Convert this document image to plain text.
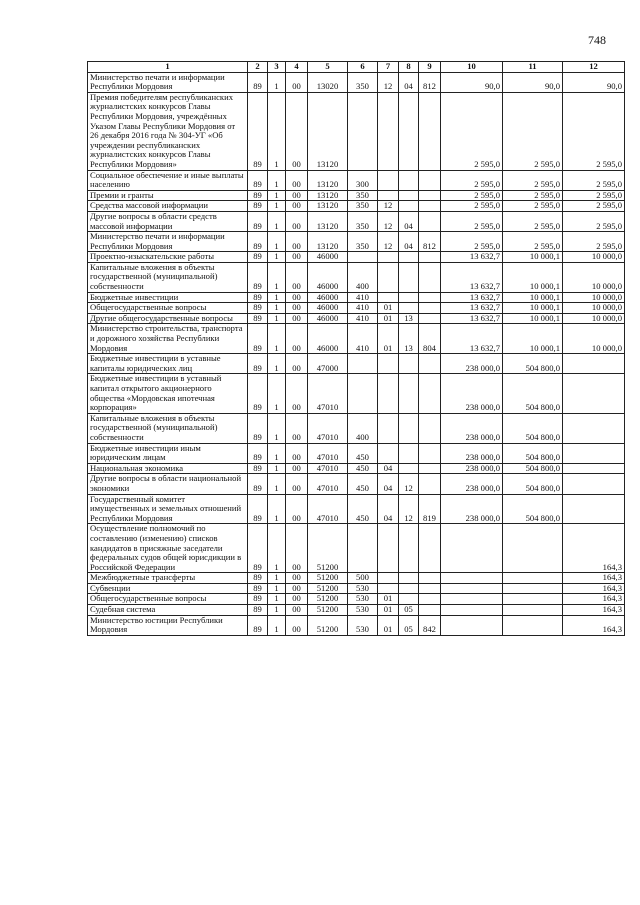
748
1	2	3	4	5	6	7	8	9	10	11	12
Министерство печати и информации Республики Мордовия	89	1	00	13020	350	12	04	812	90,0	90,0	90,0
Премия победителям республиканских журналистских конкурсов Главы Республики Мордовия, учреждённых Указом Главы Республики Мордовия от 26 декабря 2016 года № 304-УГ «Об учреждении республиканских журналистских конкурсов Главы Республики Мордовия»	89	1	00	13120					2 595,0	2 595,0	2 595,0
Социальное обеспечение и иные выплаты населению	89	1	00	13120	300				2 595,0	2 595,0	2 595,0
Премии и гранты	89	1	00	13120	350				2 595,0	2 595,0	2 595,0
Средства массовой информации	89	1	00	13120	350	12			2 595,0	2 595,0	2 595,0
Другие вопросы в области средств массовой информации	89	1	00	13120	350	12	04		2 595,0	2 595,0	2 595,0
Министерство печати и информации Республики Мордовия	89	1	00	13120	350	12	04	812	2 595,0	2 595,0	2 595,0
Проектно-изыскательские работы	89	1	00	46000					13 632,7	10 000,1	10 000,0
Капитальные вложения в объекты государственной (муниципальной) собственности	89	1	00	46000	400				13 632,7	10 000,1	10 000,0
Бюджетные инвестиции	89	1	00	46000	410				13 632,7	10 000,1	10 000,0
Общегосударственные вопросы	89	1	00	46000	410	01			13 632,7	10 000,1	10 000,0
Другие общегосударственные вопросы	89	1	00	46000	410	01	13		13 632,7	10 000,1	10 000,0
Министерство строительства, транспорта и дорожного хозяйства Республики Мордовия	89	1	00	46000	410	01	13	804	13 632,7	10 000,1	10 000,0
Бюджетные инвестиции в уставные капиталы юридических лиц	89	1	00	47000					238 000,0	504 800,0	
Бюджетные инвестиции в уставный капитал открытого акционерного общества «Мордовская ипотечная корпорация»	89	1	00	47010					238 000,0	504 800,0	
Капитальные вложения в объекты государственной (муниципальной) собственности	89	1	00	47010	400				238 000,0	504 800,0	
Бюджетные инвестиции иным юридическим лицам	89	1	00	47010	450				238 000,0	504 800,0	
Национальная экономика	89	1	00	47010	450	04			238 000,0	504 800,0	
Другие вопросы в области национальной экономики	89	1	00	47010	450	04	12		238 000,0	504 800,0	
Государственный комитет имущественных и земельных отношений Республики Мордовия	89	1	00	47010	450	04	12	819	238 000,0	504 800,0	
Осуществление полномочий по составлению (изменению) списков кандидатов в присяжные заседатели федеральных судов общей юрисдикции в Российской Федерации	89	1	00	51200							164,3
Межбюджетные трансферты	89	1	00	51200	500						164,3
Субвенции	89	1	00	51200	530						164,3
Общегосударственные вопросы	89	1	00	51200	530	01					164,3
Судебная система	89	1	00	51200	530	01	05				164,3
Министерство юстиции Республики Мордовия	89	1	00	51200	530	01	05	842			164,3
